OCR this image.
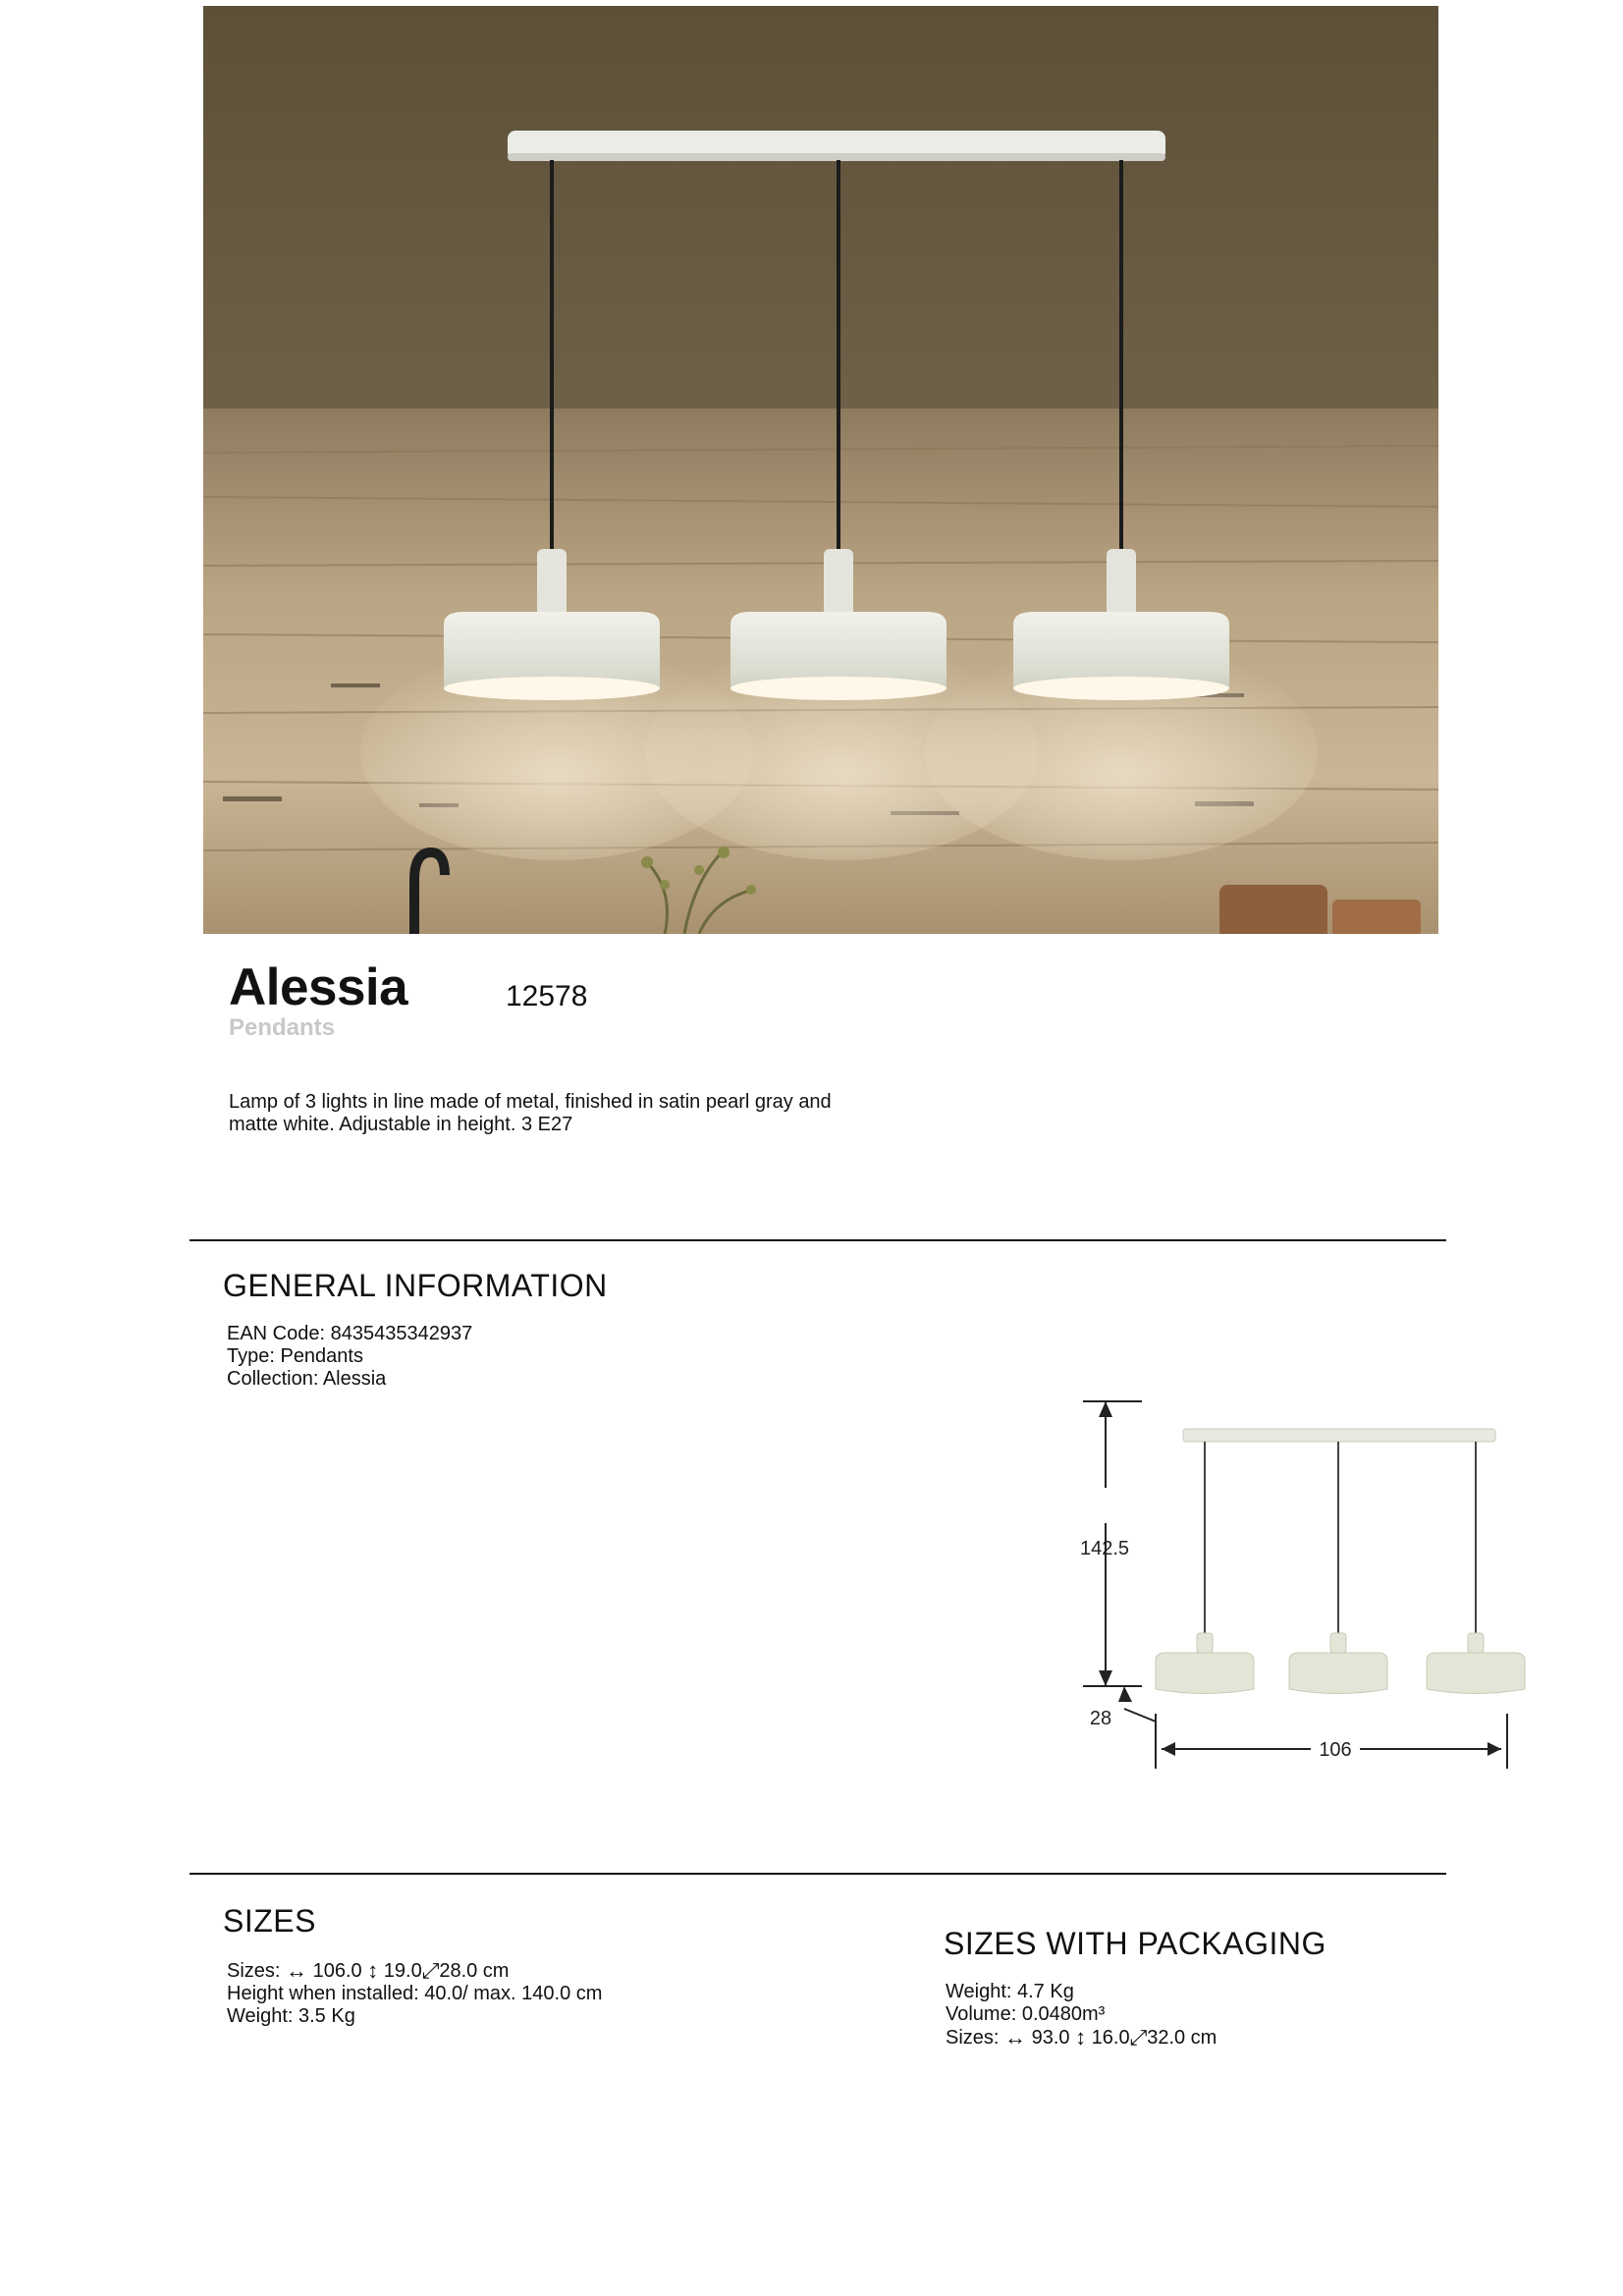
Alessia	12578
Pendants
Lamp of 3 lights in line made of metal, finished in satin pearl gray and matte white. Adjustable in height. 3 E27
GENERAL INFORMATION
EAN Code: 8435435342937
Type: Pendants
Collection: Alessia
142.5
28
106
SIZES
Sizes: ↔ 106.0 ↕ 19.0⤢28.0 cm
Height when installed: 40.0/ max. 140.0 cm
Weight: 3.5 Kg
SIZES WITH PACKAGING
Weight: 4.7 Kg
Volume: 0.0480m³
Sizes: ↔ 93.0 ↕ 16.0⤢32.0 cm
